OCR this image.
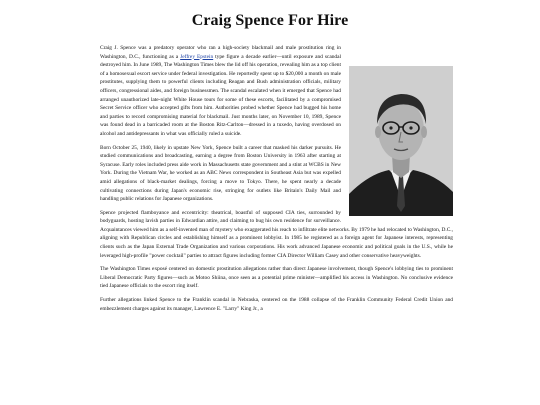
Craig Spence For Hire

Craig J. Spence was a predatory operator who ran a high-society blackmail and male prostitution ring in Washington, D.C., functioning as a Jeffrey Epstein type figure a decade earlier—until exposure and scandal destroyed him. In June 1989, The Washington Times blew the lid off his operation, revealing him as a top client of a homosexual escort service under federal investigation. He reportedly spent up to $20,000 a month on male prostitutes, supplying them to powerful clients including Reagan and Bush administration officials, military officers, congressional aides, and foreign businessmen. The scandal escalated when it emerged that Spence had arranged unauthorized late-night White House tours for some of these escorts, facilitated by a compromised Secret Service officer who accepted gifts from him. Authorities probed whether Spence had bugged his home and parties to record compromising material for blackmail. Just months later, on November 10, 1989, Spence was found dead in a barricaded room at the Boston Ritz-Carlton—dressed in a tuxedo, having overdosed on alcohol and antidepressants in what was officially ruled a suicide.

Born October 25, 1940, likely in upstate New York, Spence built a career that masked his darker pursuits. He studied communications and broadcasting, earning a degree from Boston University in 1963 after starting at Syracuse. Early roles included press aide work in Massachusetts state government and a stint at WCBS in New York. During the Vietnam War, he worked as an ABC News correspondent in Southeast Asia but was expelled amid allegations of black-market dealings, forcing a move to Tokyo. There, he spent nearly a decade cultivating connections during Japan's economic rise, stringing for outlets like Britain's Daily Mail and handling public relations for Japanese organizations.

Spence projected flamboyance and eccentricity: theatrical, boastful of supposed CIA ties, surrounded by bodyguards, hosting lavish parties in Edwardian attire, and claiming to bug his own residence for surveillance. Acquaintances viewed him as a self-invented man of mystery who exaggerated his reach to infiltrate elite networks. By 1979 he had relocated to Washington, D.C., aligning with Republican circles and establishing himself as a prominent lobbyist. In 1985 he registered as a foreign agent for Japanese interests, representing clients such as the Japan External Trade Organization and various corporations. His work advanced Japanese economic and political goals in the U.S., while he leveraged high-profile "power cocktail" parties to attract figures including former CIA Director William Casey and other conservative heavyweights.

The Washington Times exposé centered on domestic prostitution allegations rather than direct Japanese involvement, though Spence's lobbying ties to prominent Liberal Democratic Party figures—such as Motoo Shiina, once seen as a potential prime minister—amplified his access in Washington. No conclusive evidence tied Japanese officials to the escort ring itself.

Further allegations linked Spence to the Franklin scandal in Nebraska, centered on the 1988 collapse of the Franklin Community Federal Credit Union and embezzlement charges against its manager, Lawrence E. "Larry" King Jr., a
